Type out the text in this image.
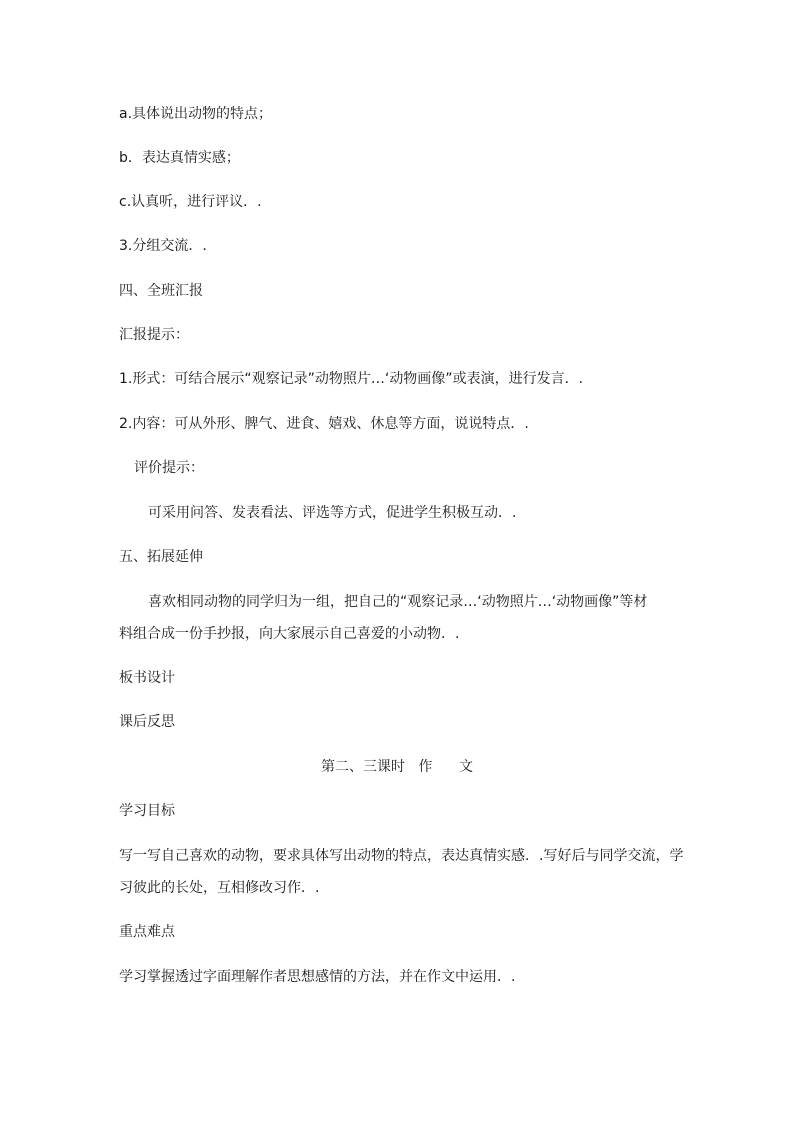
a.具体说出动物的特点；

b．表达真情实感；

c.认真听，进行评议．.

3.分组交流．.

四、全班汇报

汇报提示：

1.形式：可结合展示“观察记录”动物照片…‘动物画像”或表演，进行发言．.

2.内容：可从外形、脾气、进食、嬉戏、休息等方面，说说特点．.

评价提示：

可采用问答、发表看法、评选等方式，促进学生积极互动．.

五、拓展延伸

喜欢相同动物的同学归为一组，把自己的“观察记录…‘动物照片…‘动物画像”等材

料组合成一份手抄报，向大家展示自己喜爱的小动物．.

板书设计

课后反思

第二、三课时   作      文

学习目标

写一写自己喜欢的动物，要求具体写出动物的特点，表达真情实感．.写好后与同学交流，学

习彼此的长处，互相修改习作．.

重点难点

学习掌握透过字面理解作者思想感情的方法，并在作文中运用．.
